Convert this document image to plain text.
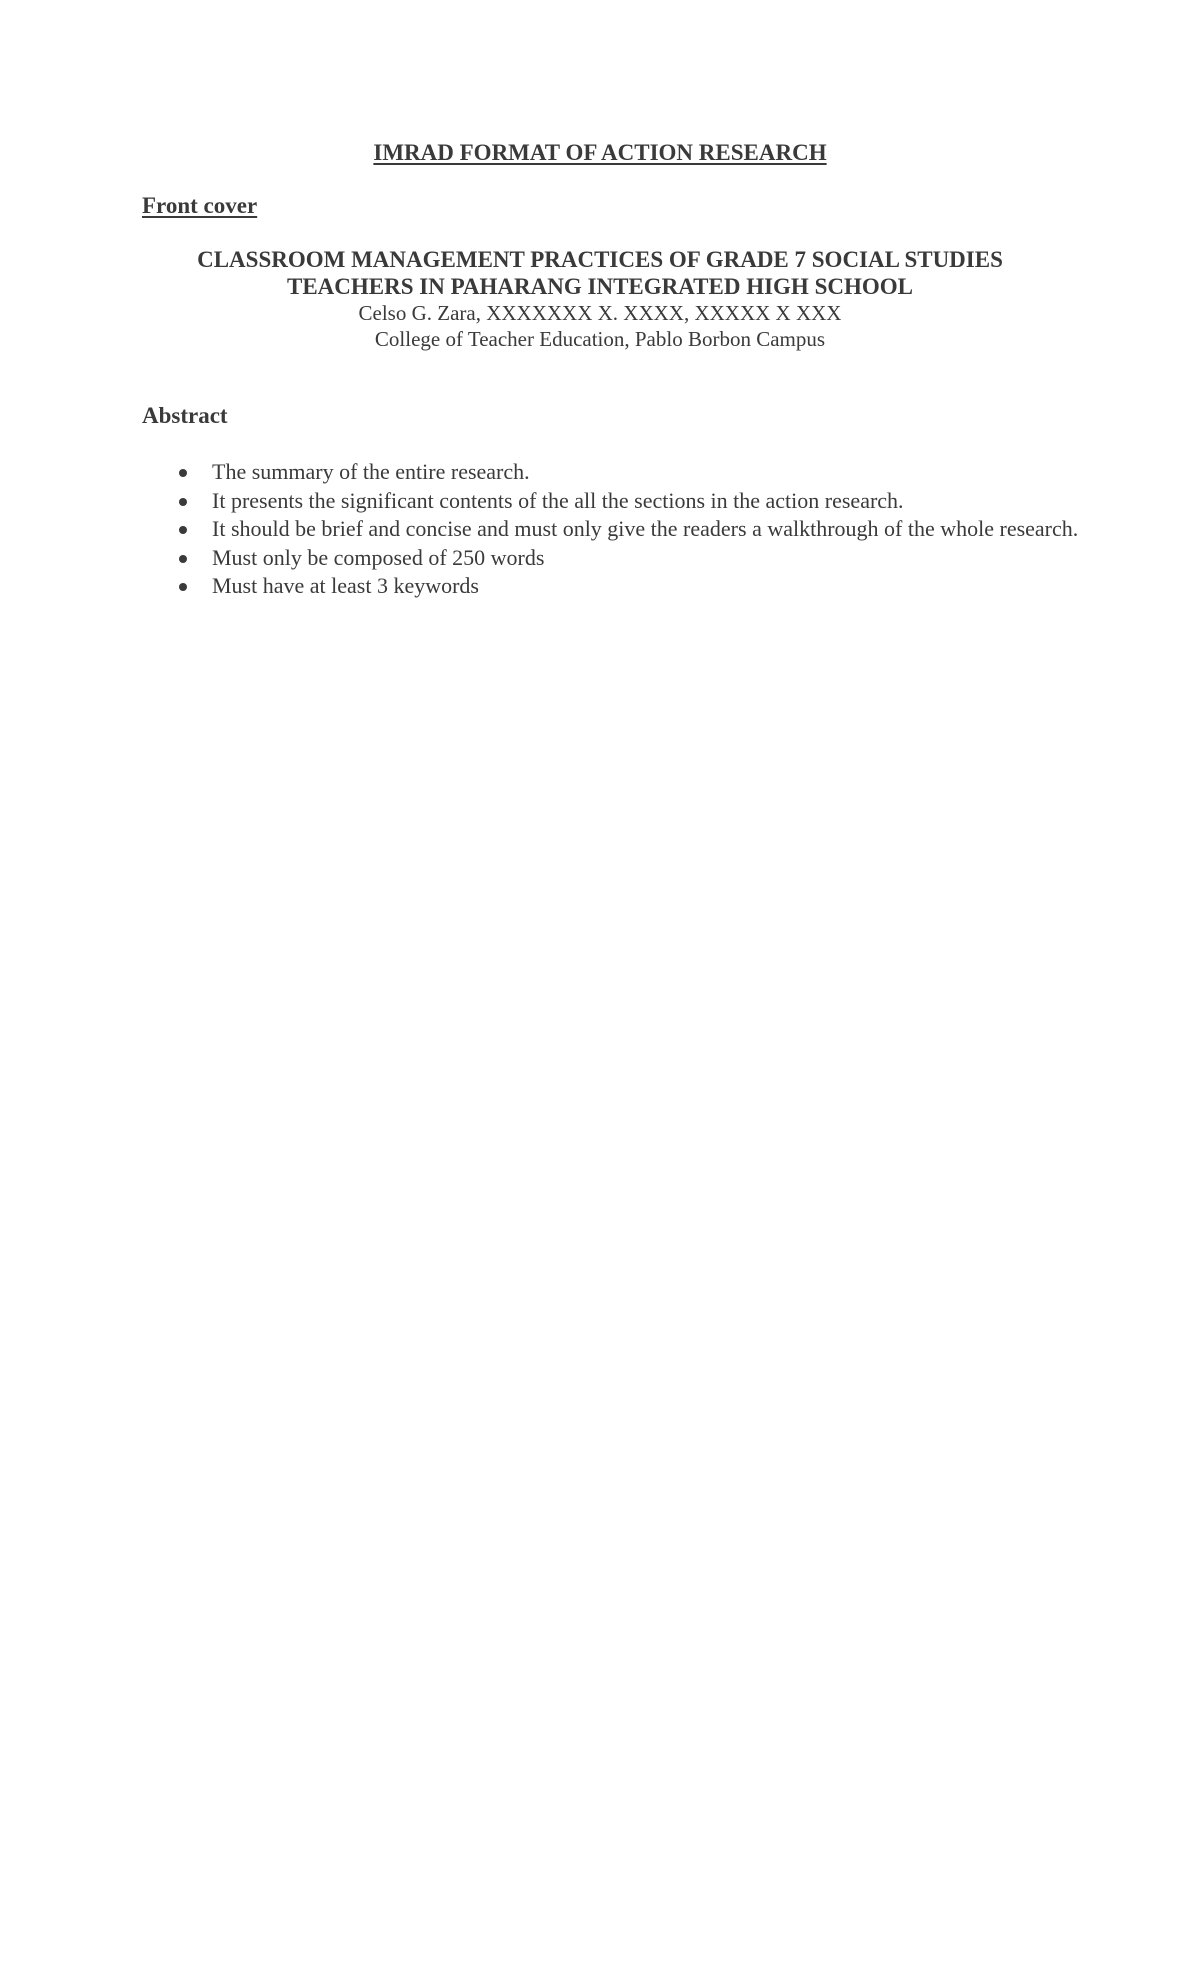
IMRAD FORMAT OF ACTION RESEARCH
Front cover

CLASSROOM MANAGEMENT PRACTICES OF GRADE 7 SOCIAL STUDIES

TEACHERS IN PAHARANG INTEGRATED HIGH SCHOOL

Celso G. Zara, XXXXXXX X. XXXX, XXXXX X XXX

College of Teacher Education, Pablo Borbon Campus

Abstract
The summary of the entire research.
It presents the significant contents of the all the sections in the action research.
It should be brief and concise and must only give the readers a walkthrough of the whole research.
Must only be composed of 250 words
Must have at least 3 keywords
